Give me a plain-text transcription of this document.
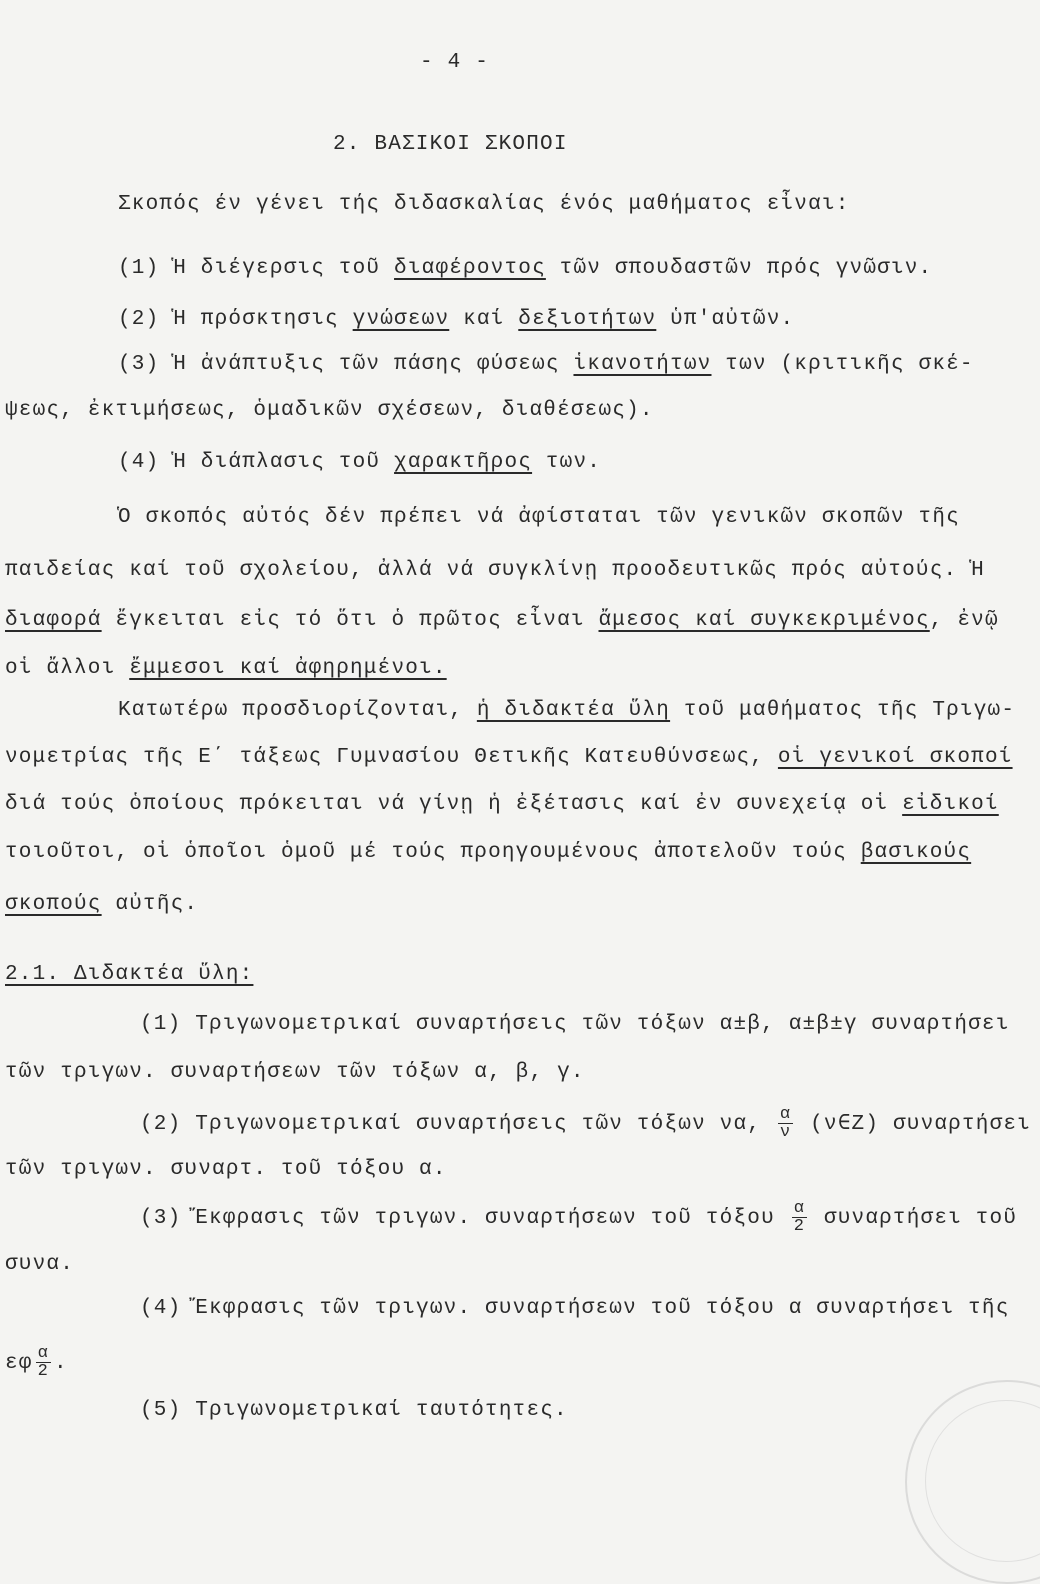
- 4 -
2. ΒΑΣΙΚΟΙ ΣΚΟΠΟΙ
Σκοπός έν γένει τής διδασκαλίας ένός μαθήματος εἶναι:
(1) Ἡ διέγερσις τοῦ διαφέροντος τῶν σπουδαστῶν πρός γνῶσιν.
(2) Ἡ πρόσκτησις γνώσεων καί δεξιοτήτων ὑπ'αὐτῶν.
(3) Ἡ ἀνάπτυξις τῶν πάσης φύσεως ἱκανοτήτων των (κριτικῆς σκέ-
ψεως, ἐκτιμήσεως, ὁμαδικῶν σχέσεων, διαθέσεως).
(4) Ἡ διάπλασις τοῦ χαρακτῆρος των.
Ὁ σκοπός αὐτός δέν πρέπει νά ἀφίσταται τῶν γενικῶν σκοπῶν τῆς
παιδείας καί τοῦ σχολείου, ἀλλά νά συγκλίνῃ προοδευτικῶς πρός αὐτούς. Ἡ
διαφορά ἔγκειται εἰς τό ὅτι ὁ πρῶτος εἶναι ἄμεσος καί συγκεκριμένος, ἐνῷ
οἱ ἄλλοι ἔμμεσοι καί ἀφηρημένοι.
Κατωτέρω προσδιορίζονται, ἡ διδακτέα ὕλη τοῦ μαθήματος τῆς Τριγω-
νομετρίας τῆς Ε΄ τάξεως Γυμνασίου Θετικῆς Κατευθύνσεως, οἱ γενικοί σκοποί
διά τούς ὁποίους πρόκειται νά γίνῃ ἡ ἐξέτασις καί ἐν συνεχείᾳ οἱ εἰδικοί
τοιοῦτοι, οἱ ὁποῖοι ὁμοῦ μέ τούς προηγουμένους ἀποτελοῦν τούς βασικούς
σκοπούς αὐτῆς.
2.1. Διδακτέα ὕλη:
(1) Τριγωνομετρικαί συναρτήσεις τῶν τόξων α±β, α±β±γ συναρτήσει
τῶν τριγων. συναρτήσεων τῶν τόξων α, β, γ.
(2) Τριγωνομετρικαί συναρτήσεις τῶν τόξων να, $\frac{\alpha}{\nu}$ (ν∈Ζ) συναρτήσει
τῶν τριγων. συναρτ. τοῦ τόξου α.
(3) Ἔκφρασις τῶν τριγων. συναρτήσεων τοῦ τόξου $\frac{\alpha}{2}$ συναρτήσει τοῦ
συνα.
(4) Ἔκφρασις τῶν τριγων. συναρτήσεων τοῦ τόξου α συναρτήσει τῆς
εφ $\frac{\alpha}{2}$ .
(5) Τριγωνομετρικαί ταυτότητες.
